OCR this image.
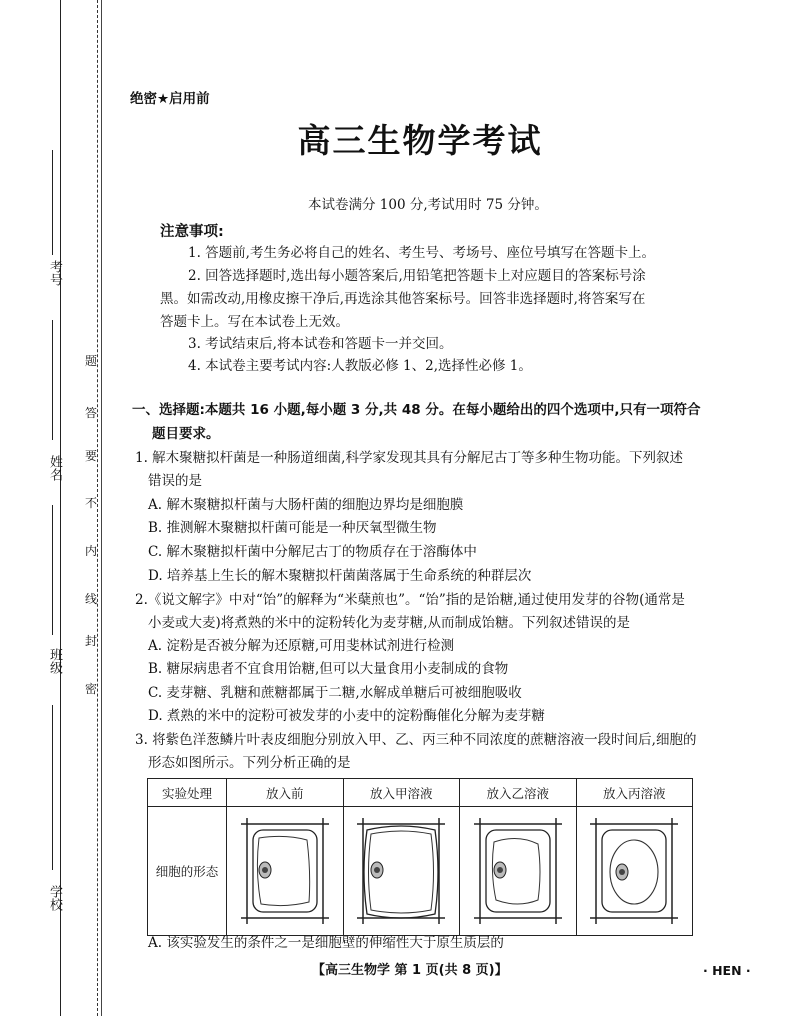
考号
姓名
班级
学校
题
答
要
不
内
线
封
密
绝密★启用前
高三生物学考试
本试卷满分 100 分,考试用时 75 分钟。
注意事项:
1. 答题前,考生务必将自己的姓名、考生号、考场号、座位号填写在答题卡上。
2. 回答选择题时,选出每小题答案后,用铅笔把答题卡上对应题目的答案标号涂
黑。如需改动,用橡皮擦干净后,再选涂其他答案标号。回答非选择题时,将答案写在
答题卡上。写在本试卷上无效。
3. 考试结束后,将本试卷和答题卡一并交回。
4. 本试卷主要考试内容:人教版必修 1、2,选择性必修 1。
一、选择题:本题共 16 小题,每小题 3 分,共 48 分。在每小题给出的四个选项中,只有一项符合
题目要求。
1. 解木聚糖拟杆菌是一种肠道细菌,科学家发现其具有分解尼古丁等多种生物功能。下列叙述
错误的是
A. 解木聚糖拟杆菌与大肠杆菌的细胞边界均是细胞膜
B. 推测解木聚糖拟杆菌可能是一种厌氧型微生物
C. 解木聚糖拟杆菌中分解尼古丁的物质存在于溶酶体中
D. 培养基上生长的解木聚糖拟杆菌菌落属于生命系统的种群层次
2.《说文解字》中对“饴”的解释为“米蘖煎也”。“饴”指的是饴糖,通过使用发芽的谷物(通常是
小麦或大麦)将煮熟的米中的淀粉转化为麦芽糖,从而制成饴糖。下列叙述错误的是
A. 淀粉是否被分解为还原糖,可用斐林试剂进行检测
B. 糖尿病患者不宜食用饴糖,但可以大量食用小麦制成的食物
C. 麦芽糖、乳糖和蔗糖都属于二糖,水解成单糖后可被细胞吸收
D. 煮熟的米中的淀粉可被发芽的小麦中的淀粉酶催化分解为麦芽糖
3. 将紫色洋葱鳞片叶表皮细胞分别放入甲、乙、丙三种不同浓度的蔗糖溶液一段时间后,细胞的
形态如图所示。下列分析正确的是
实验处理	放入前	放入甲溶液	放入乙溶液	放入丙溶液
细胞的形态	

A. 该实验发生的条件之一是细胞壁的伸缩性大于原生质层的
【高三生物学 第 1 页(共 8 页)】	· HEN ·
